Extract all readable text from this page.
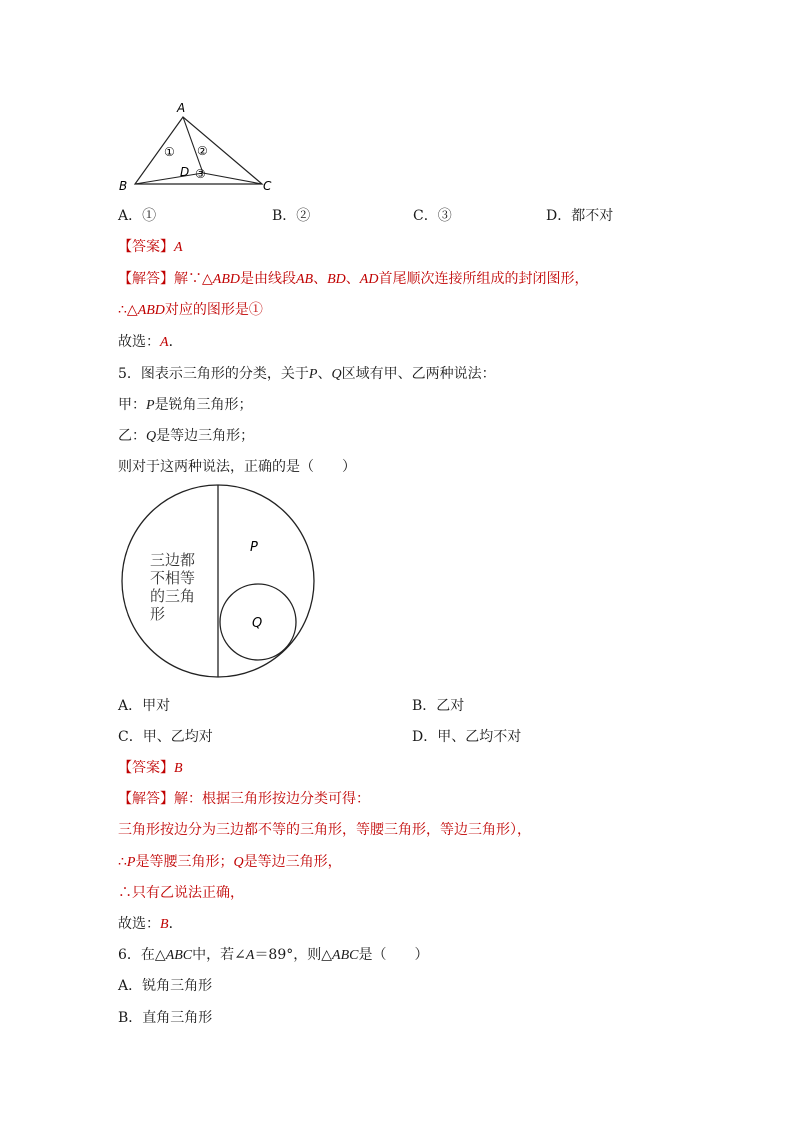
A
B	C
D
① ②
③
A．①	B．②	C．③	D．都不对
【答案】A
【解答】解∵△ABD是由线段AB、BD、AD首尾顺次连接所组成的封闭图形，
∴△ABD对应的图形是①
故选：A．
5．图表示三角形的分类，关于P、Q区域有甲、乙两种说法：
甲：P是锐角三角形；
乙：Q是等边三角形；
则对于这两种说法，正确的是（　　）
三边都
不相等
的三角
形
P
Q
A．甲对	B．乙对
C．甲、乙均对	D．甲、乙均不对
【答案】B
【解答】解：根据三角形按边分类可得：
三角形按边分为三边都不等的三角形，等腰三角形，等边三角形），
∴P是等腰三角形；Q是等边三角形，
∴只有乙说法正确，
故选：B．
6．在△ABC中，若∠A＝89°，则△ABC是（　　）
A．锐角三角形
B．直角三角形
